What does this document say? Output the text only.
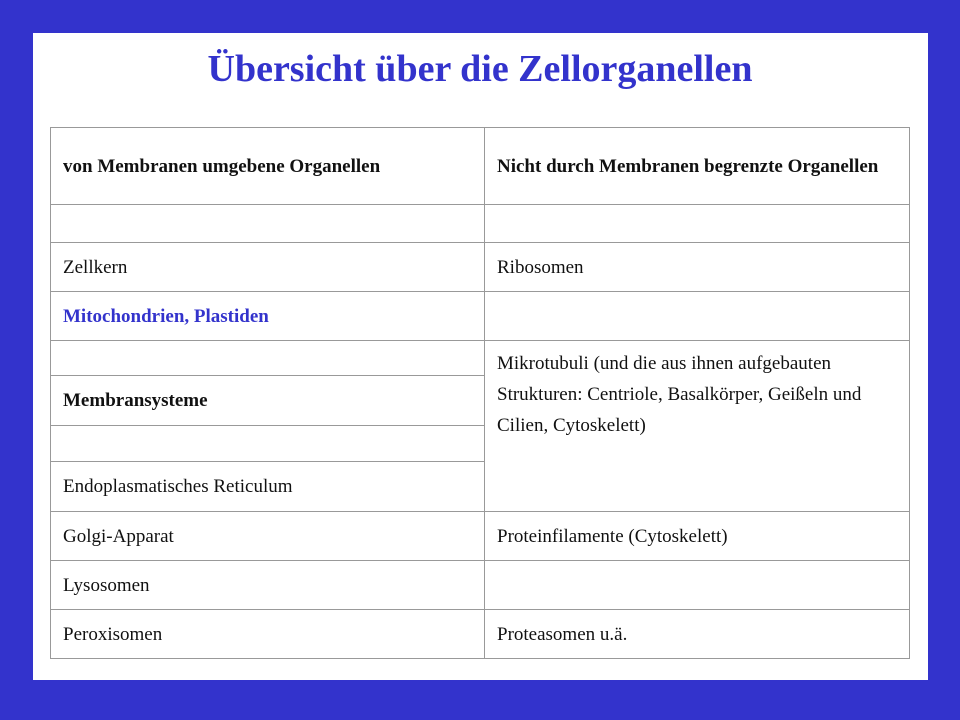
Übersicht über die Zellorganellen
von Membranen umgebene Organellen	Nicht durch Membranen begrenzte Organellen

Zellkern	Ribosomen
Mitochondrien, Plastiden	
	Mikrotubuli (und die aus ihnen aufgebauten Strukturen: Centriole, Basalkörper, Geißeln und Cilien, Cytoskelett)
Membransysteme	

Endoplasmatisches Reticulum	
Golgi-Apparat	Proteinfilamente (Cytoskelett)
Lysosomen	
Peroxisomen	Proteasomen u.ä.
